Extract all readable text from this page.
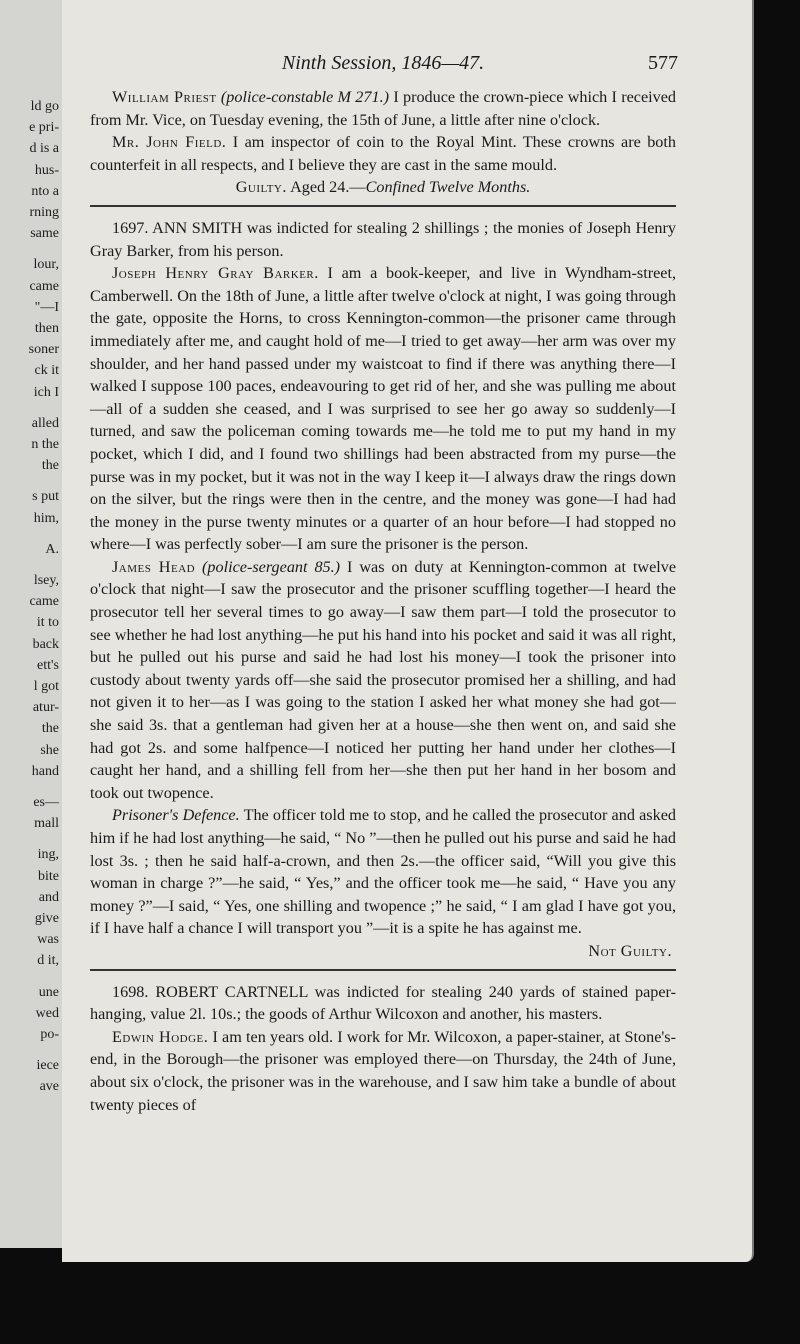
ld go
e pri-
d is a
hus-
nto a
rning
same
lour,
came
"—I
then
soner
ck it
ich I
alled
n the
the
s put
him,
A.
lsey,
came
it to
back
ett's
l got
atur-
the
she
hand
es—
mall
ing,
bite
and
give
was
d it,
une
wed
po-
iece
ave
Ninth Session, 1846—47.	577

William Priest (police-constable M 271.) I produce the crown-piece which I received from Mr. Vice, on Tuesday evening, the 15th of June, a little after nine o'clock.

Mr. John Field. I am inspector of coin to the Royal Mint. These crowns are both counterfeit in all respects, and I believe they are cast in the same mould.

Guilty. Aged 24.—Confined Twelve Months.

1697. ANN SMITH was indicted for stealing 2 shillings ; the monies of Joseph Henry Gray Barker, from his person.

Joseph Henry Gray Barker. I am a book-keeper, and live in Wyndham-street, Camberwell. On the 18th of June, a little after twelve o'clock at night, I was going through the gate, opposite the Horns, to cross Kennington-common—the prisoner came through immediately after me, and caught hold of me—I tried to get away—her arm was over my shoulder, and her hand passed under my waistcoat to find if there was anything there—I walked I suppose 100 paces, endeavouring to get rid of her, and she was pulling me about—all of a sudden she ceased, and I was surprised to see her go away so suddenly—I turned, and saw the policeman coming towards me—he told me to put my hand in my pocket, which I did, and I found two shillings had been abstracted from my purse—the purse was in my pocket, but it was not in the way I keep it—I always draw the rings down on the silver, but the rings were then in the centre, and the money was gone—I had had the money in the purse twenty minutes or a quarter of an hour before—I had stopped no where—I was perfectly sober—I am sure the prisoner is the person.

James Head (police-sergeant 85.) I was on duty at Kennington-common at twelve o'clock that night—I saw the prosecutor and the prisoner scuffling together—I heard the prosecutor tell her several times to go away—I saw them part—I told the prosecutor to see whether he had lost anything—he put his hand into his pocket and said it was all right, but he pulled out his purse and said he had lost his money—I took the prisoner into custody about twenty yards off—she said the prosecutor promised her a shilling, and had not given it to her—as I was going to the station I asked her what money she had got—she said 3s. that a gentleman had given her at a house—she then went on, and said she had got 2s. and some halfpence—I noticed her putting her hand under her clothes—I caught her hand, and a shilling fell from her—she then put her hand in her bosom and took out twopence.

Prisoner's Defence. The officer told me to stop, and he called the prosecutor and asked him if he had lost anything—he said, “ No ”—then he pulled out his purse and said he had lost 3s. ; then he said half-a-crown, and then 2s.—the officer said, “Will you give this woman in charge ?”—he said, “ Yes,” and the officer took me—he said, “ Have you any money ?”—I said, “ Yes, one shilling and twopence ;” he said, “ I am glad I have got you, if I have half a chance I will transport you ”—it is a spite he has against me.

Not Guilty.

1698. ROBERT CARTNELL was indicted for stealing 240 yards of stained paper-hanging, value 2l. 10s.; the goods of Arthur Wilcoxon and another, his masters.

Edwin Hodge. I am ten years old. I work for Mr. Wilcoxon, a paper-stainer, at Stone's-end, in the Borough—the prisoner was employed there—on Thursday, the 24th of June, about six o'clock, the prisoner was in the warehouse, and I saw him take a bundle of about twenty pieces of
